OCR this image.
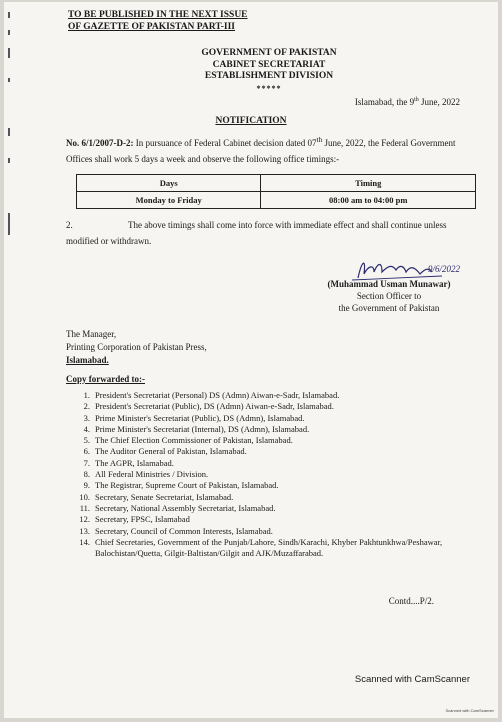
TO BE PUBLISHED IN THE NEXT ISSUE
OF GAZETTE OF PAKISTAN PART-III
GOVERNMENT OF PAKISTAN
CABINET SECRETARIAT
ESTABLISHMENT DIVISION
*****
Islamabad, the 9th June, 2022
NOTIFICATION
No. 6/1/2007-D-2: In pursuance of Federal Cabinet decision dated 07th June, 2022, the Federal Government Offices shall work 5 days a week and observe the following office timings:-
Days	Timing
Monday to Friday	08:00 am to 04:00 pm
2.	The above timings shall come into force with immediate effect and shall continue unless modified or withdrawn.
9/6/2022
(Muhammad Usman Munawar)
Section Officer to
the Government of Pakistan
The Manager,
Printing Corporation of Pakistan Press,
Islamabad.
Copy forwarded to:-
1. President's Secretariat (Personal) DS (Admn) Aiwan-e-Sadr, Islamabad.
2. President's Secretariat (Public), DS (Admn) Aiwan-e-Sadr, Islamabad.
3. Prime Minister's Secretariat (Public), DS (Admn), Islamabad.
4. Prime Minister's Secretariat (Internal), DS (Admn), Islamabad.
5. The Chief Election Commissioner of Pakistan, Islamabad.
6. The Auditor General of Pakistan, Islamabad.
7. The AGPR, Islamabad.
8. All Federal Ministries / Division.
9. The Registrar, Supreme Court of Pakistan, Islamabad.
10. Secretary, Senate Secretariat, Islamabad.
11. Secretary, National Assembly Secretariat, Islamabad.
12. Secretary, FPSC, Islamabad
13. Secretary, Council of Common Interests, Islamabad.
14. Chief Secretaries, Government of the Punjab/Lahore, Sindh/Karachi, Khyber Pakhtunkhwa/Peshawar, Balochistan/Quetta, Gilgit-Baltistan/Gilgit and AJK/Muzaffarabad.
Contd....P/2.
Scanned with CamScanner
Scanned with CamScanner
